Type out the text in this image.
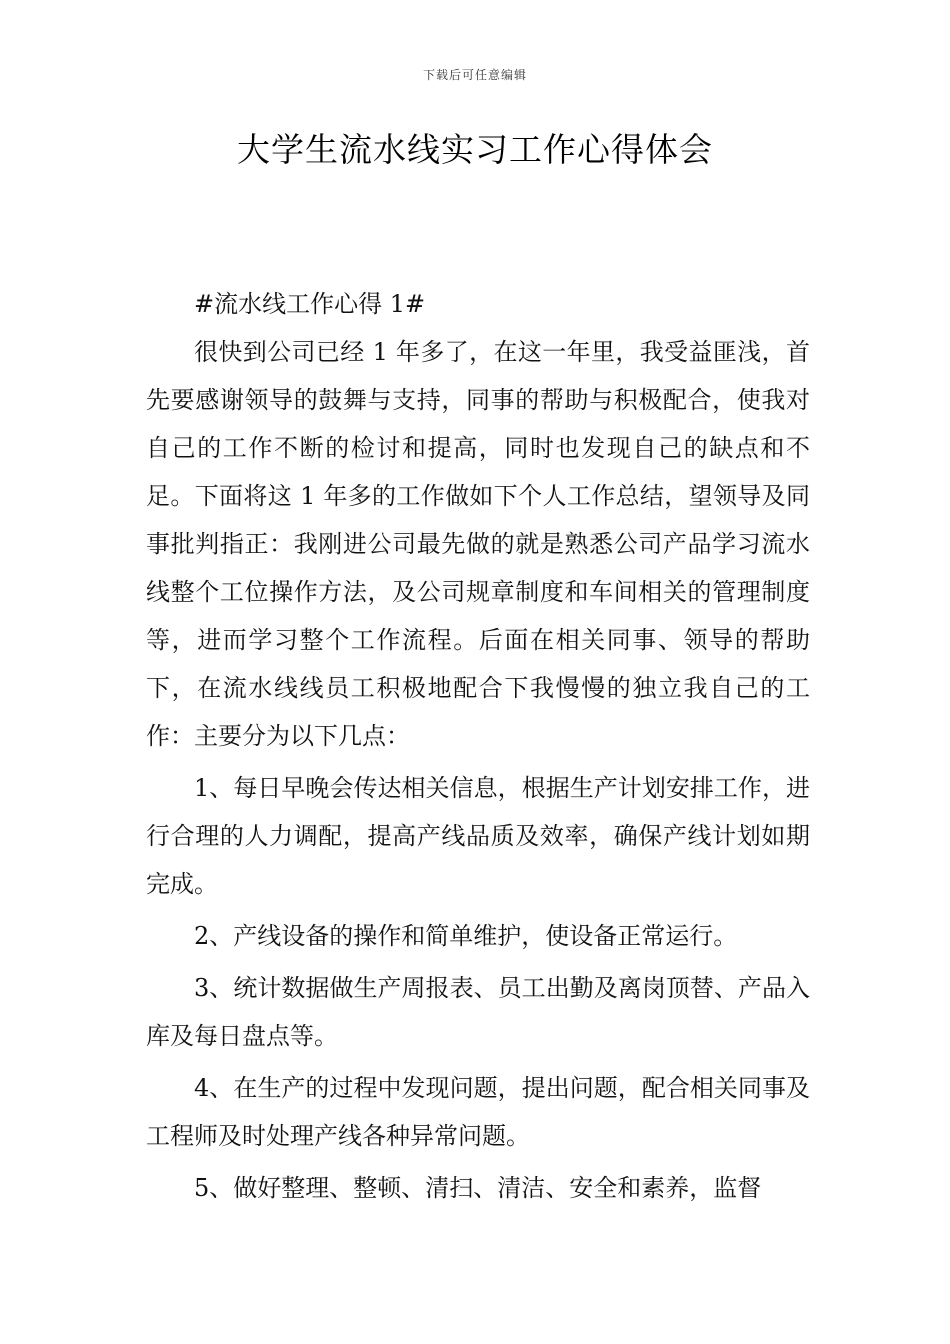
下载后可任意编辑
大学生流水线实习工作心得体会

#流水线工作心得 1#

很快到公司已经 1 年多了，在这一年里，我受益匪浅，首先要感谢领导的鼓舞与支持，同事的帮助与积极配合，使我对自己的工作不断的检讨和提高，同时也发现自己的缺点和不足。下面将这 1 年多的工作做如下个人工作总结，望领导及同事批判指正：我刚进公司最先做的就是熟悉公司产品学习流水线整个工位操作方法，及公司规章制度和车间相关的管理制度等，进而学习整个工作流程。后面在相关同事、领导的帮助下，在流水线线员工积极地配合下我慢慢的独立我自己的工作：主要分为以下几点：

1、每日早晚会传达相关信息，根据生产计划安排工作，进行合理的人力调配，提高产线品质及效率，确保产线计划如期完成。

2、产线设备的操作和简单维护，使设备正常运行。

3、统计数据做生产周报表、员工出勤及离岗顶替、产品入库及每日盘点等。

4、在生产的过程中发现问题，提出问题，配合相关同事及工程师及时处理产线各种异常问题。

5、做好整理、整顿、清扫、清洁、安全和素养，监督
